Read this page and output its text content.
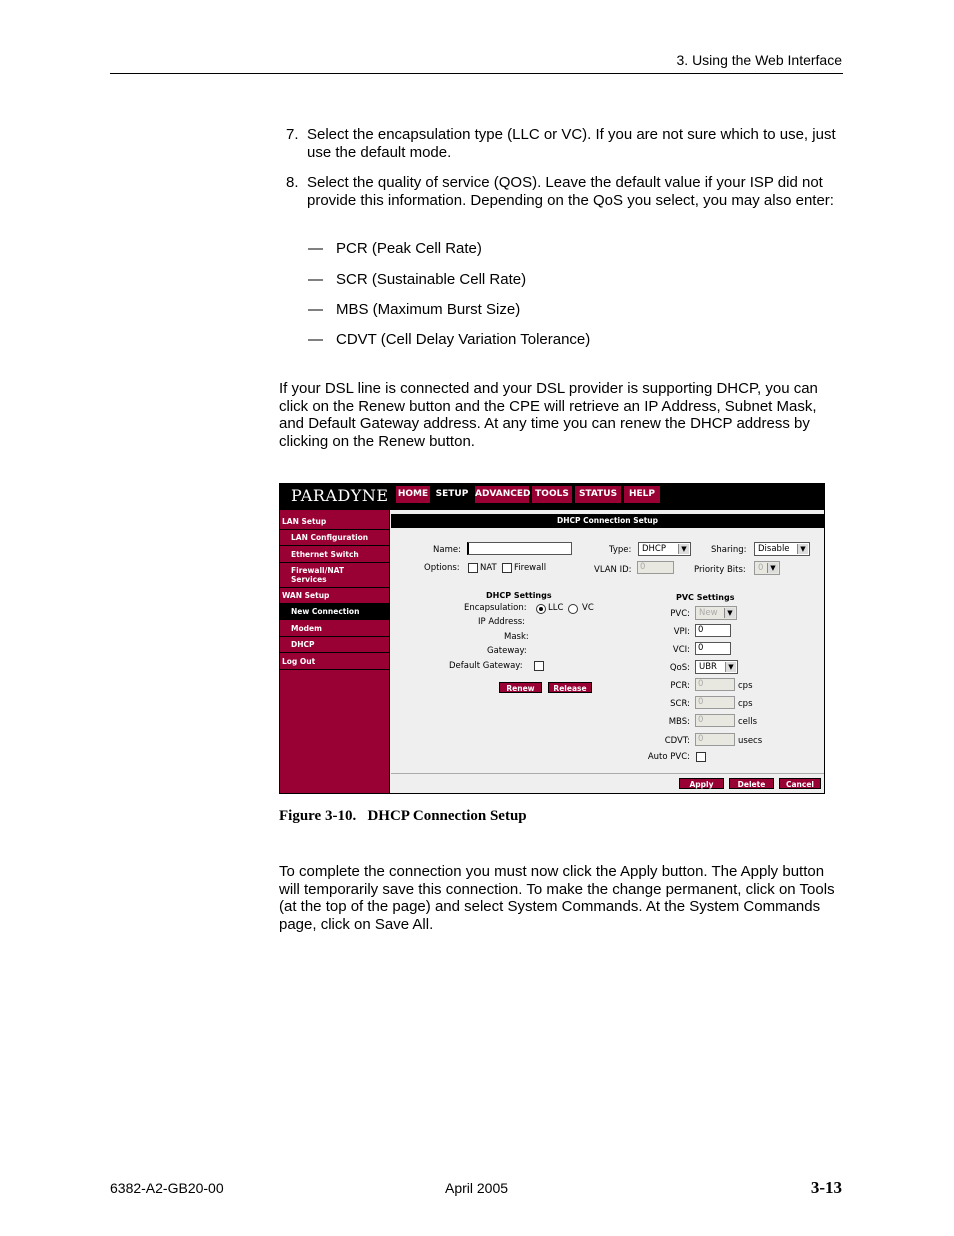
3. Using the Web Interface
7. Select the encapsulation type (LLC or VC). If you are not sure which to use, just use the default mode.
8. Select the quality of service (QOS). Leave the default value if your ISP did not provide this information. Depending on the QoS you select, you may also enter:
— PCR (Peak Cell Rate)
— SCR (Sustainable Cell Rate)
— MBS (Maximum Burst Size)
— CDVT (Cell Delay Variation Tolerance)
If your DSL line is connected and your DSL provider is supporting DHCP, you can click on the Renew button and the CPE will retrieve an IP Address, Subnet Mask, and Default Gateway address. At any time you can renew the DHCP address by clicking on the Renew button.
PARADYNE HOME SETUP ADVANCED TOOLS	STATUS	HELP
LAN Setup
LAN Configuration
Ethernet Switch
Firewall/NAT Services
WAN Setup
New Connection
Modem
DHCP
Log Out
DHCP Connection Setup
Name:	Type:	DHCP	▼	Sharing:	Disable	▼
Options: NAT Firewall	VLAN ID: 0	Priority Bits:	0 ▼
DHCP Settings
Encapsulation:	LLC VC
IP Address:
Mask:
Gateway:
Default Gateway:
Renew	Release
PVC Settings
PVC:	New	▼
VPI: 0
VCI: 0
QoS:	UBR	▼
PCR: 0	cps
SCR: 0	cps
MBS: 0	cells
CDVT: 0	usecs
Auto PVC:
Apply	Delete	Cancel
Figure 3-10.   DHCP Connection Setup
To complete the connection you must now click the Apply button. The Apply button will temporarily save this connection. To make the change permanent, click on Tools (at the top of the page) and select System Commands. At the System Commands page, click on Save All.
6382-A2-GB20-00	April 2005	3-13
